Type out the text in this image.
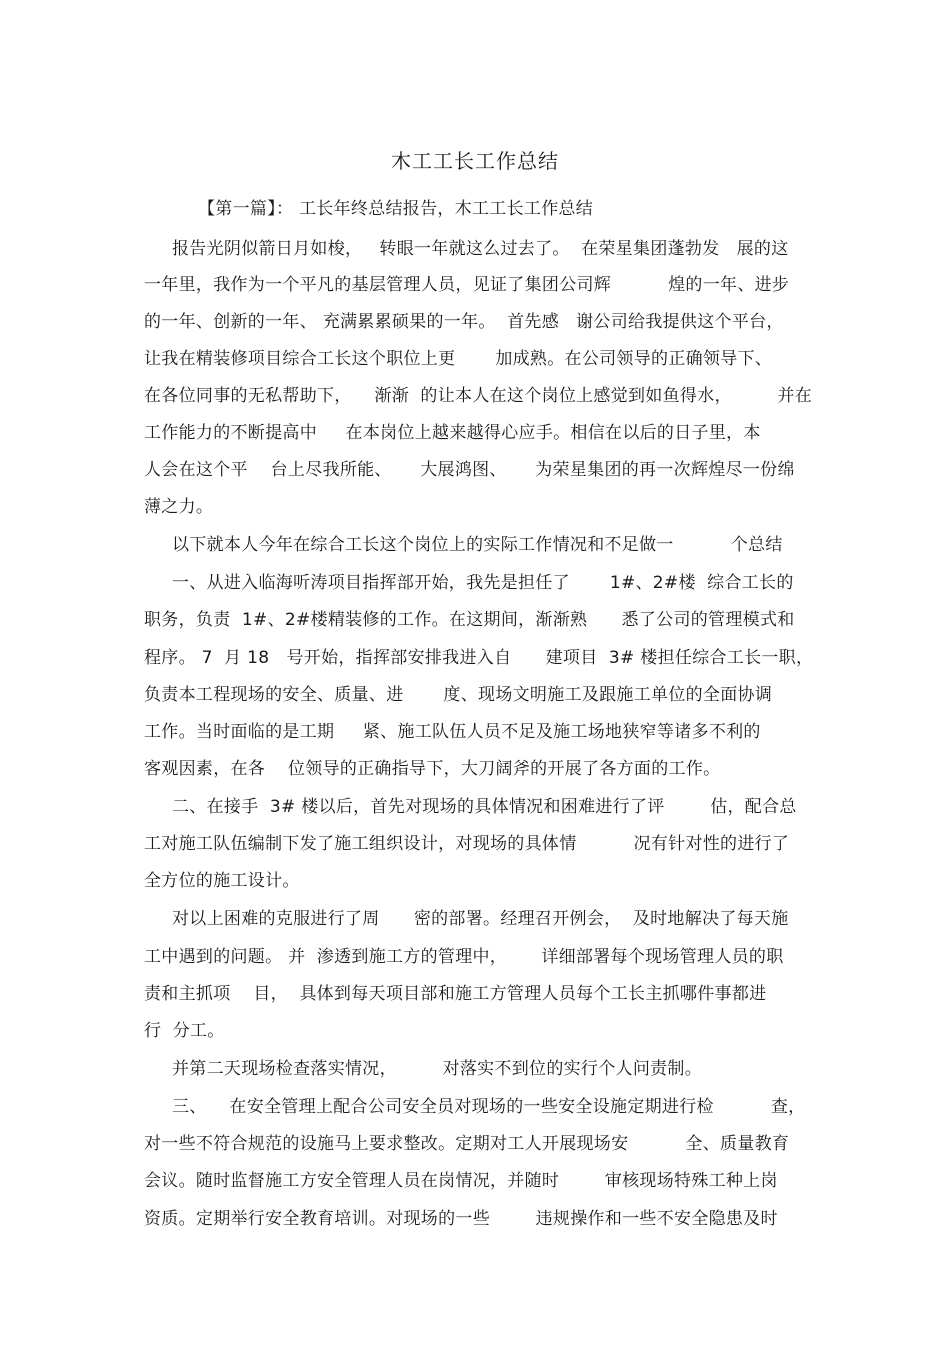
木工工长工作总结
【第一篇】： 工长年终总结报告，木工工长工作总结
报告光阴似箭日月如梭，   转眼一年就这么过去了。  在荣星集团蓬勃发   展的这
一年里，我作为一个平凡的基层管理人员，见证了集团公司辉          煌的一年、进步
的一年、创新的一年、 充满累累硕果的一年。  首先感   谢公司给我提供这个平台，
让我在精装修项目综合工长这个职位上更       加成熟。在公司领导的正确领导下、
在各位同事的无私帮助下，    渐渐  的让本人在这个岗位上感觉到如鱼得水，        并在
工作能力的不断提高中     在本岗位上越来越得心应手。相信在以后的日子里，本
人会在这个平    台上尽我所能、     大展鸿图、     为荣星集团的再一次辉煌尽一份绵
薄之力。
以下就本人今年在综合工长这个岗位上的实际工作情况和不足做一          个总结
一、从进入临海听涛项目指挥部开始，我先是担任了       1#、2#楼  综合工长的
职务，负责  1#、2#楼精装修的工作。在这期间，渐渐熟      悉了公司的管理模式和
程序。 7  月 18   号开始，指挥部安排我进入自      建项目  3# 楼担任综合工长一职，
负责本工程现场的安全、质量、进       度、现场文明施工及跟施工单位的全面协调
工作。当时面临的是工期     紧、施工队伍人员不足及施工场地狭窄等诸多不利的
客观因素，在各    位领导的正确指导下，大刀阔斧的开展了各方面的工作。
二、在接手  3# 楼以后，首先对现场的具体情况和困难进行了评        估，配合总
工对施工队伍编制下发了施工组织设计，对现场的具体情          况有针对性的进行了
全方位的施工设计。
对以上困难的克服进行了周      密的部署。经理召开例会，  及时地解决了每天施
工中遇到的问题。 并  渗透到施工方的管理中，      详细部署每个现场管理人员的职
责和主抓项    目，  具体到每天项目部和施工方管理人员每个工长主抓哪件事都进
行  分工。
并第二天现场检查落实情况，        对落实不到位的实行个人问责制。
三、    在安全管理上配合公司安全员对现场的一些安全设施定期进行检          查，
对一些不符合规范的设施马上要求整改。定期对工人开展现场安          全、质量教育
会议。随时监督施工方安全管理人员在岗情况，并随时        审核现场特殊工种上岗
资质。定期举行安全教育培训。对现场的一些        违规操作和一些不安全隐患及时
